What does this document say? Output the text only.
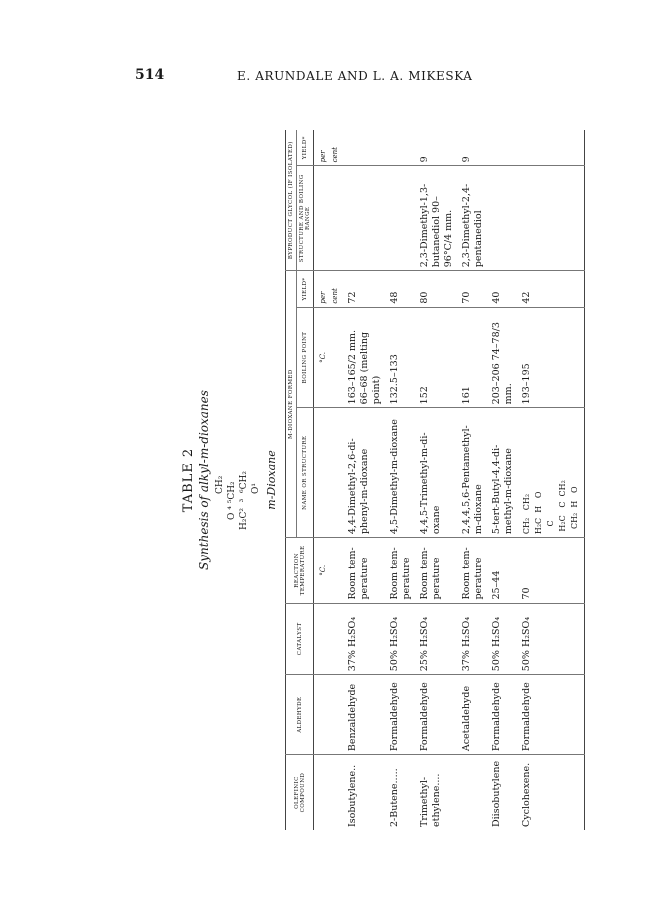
514	E. ARUNDALE AND L. A. MIKESKA
OLEFINIC COMPOUND	ALDEHYDE	CATALYST	REACTION TEMPERATURE	M-DIOXANE FORMED			BYPRODUCT GLYCOL (IF ISOLATED)	
				NAME OR STRUCTURE	BOILING POINT	YIELD*	STRUCTURE AND BOILING RANGE	YIELD*
			°C.		°C.	per cent		per cent
Isobutylene..	Benzaldehyde	37% H₂SO₄	Room tem- perature	4,4-Dimethyl-2,6-di- phenyl-m-dioxane	163–165/2 mm. 66–68 (melting point)	72		
2-Butene.....	Formaldehyde	50% H₂SO₄	Room tem- perature	4,5-Dimethyl-m-dioxane	132.5–133	48		
Trimethyl- ethylene....	Formaldehyde	25% H₂SO₄	Room tem- perature	4,4,5-Trimethyl-m-di- oxane	152	80	2,3-Dimethyl-1,3- butanediol 90–96°C/4 mm.	9
	Acetaldehyde	37% H₂SO₄	Room tem- perature	2,4,4,5,6-Pentamethyl- m-dioxane	161	70	2,3-Dimethyl-2,4- pentanediol	9
Diisobutylene	Formaldehyde	50% H₂SO₄	25–44	5-tert-Butyl-4,4-di- methyl-m-dioxane	203–206 74–78/3 mm.	40		
Cyclohexene.	Formaldehyde	50% H₂SO₄	70	CH₂   CH₂
H₂C  H   O
C
H₂C   C  CH₂
CH₂  H   O	193–195	42		
TABLE 2 Synthesis of alkyl-m-dioxanes CH₂ O ⁴ ⁵CH₂ H₂C²  ³  ⁶CH₂ O¹ m-Dioxane
